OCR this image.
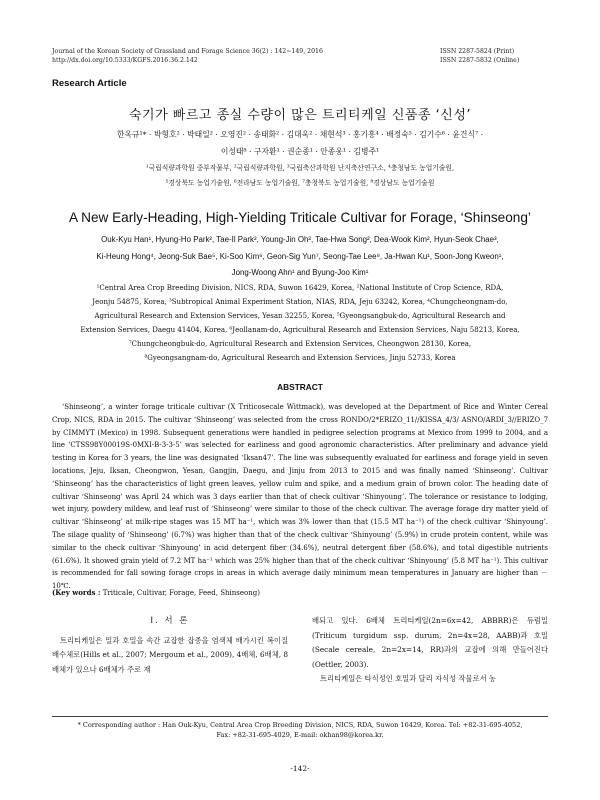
Journal of the Korean Society of Grassland and Forage Science 36(2) : 142~149, 2016
http://dx.doi.org/10.5333/KGFS.2016.36.2.142
ISSN 2287-5824 (Print)
ISSN 2287-5832 (Online)
Research Article
숙기가 빠르고 종실 수량이 많은 트리티케일 신품종 ‘신성’
한옥규¹* · 박형호² · 박태일² · 오영진² · 송태화² · 김대욱² · 채현석³ · 홍기흥⁴ · 배정숙⁵ · 김기수⁶ · 윤건식⁷ ·
이성태⁸ · 구자환¹ · 권순종¹ · 안종웅¹ · 김병주¹
¹국립식량과학원 중부작물부, ²국립식량과학원, ³국립축산과학원 난지축산연구소, ⁴충청남도 농업기술원,
⁵경상북도 농업기술원, ⁶전라남도 농업기술원, ⁷충청북도 농업기술원, ⁸경상남도 농업기술원
A New Early-Heading, High-Yielding Triticale Cultivar for Forage, ‘Shinseong’
Ouk-Kyu Han¹, Hyung-Ho Park², Tae-Il Park², Young-Jin Oh², Tae-Hwa Song², Dea-Wook Kim², Hyun-Seok Chae³,
Ki-Heung Hong⁴, Jeong-Suk Bae⁵, Ki-Soo Kim⁶, Geon-Sig Yun⁷, Seong-Tae Lee⁸, Ja-Hwan Ku¹, Soon-Jong Kweon¹,
Jong-Woong Ahn¹ and Byung-Joo Kim¹
¹Central Area Crop Breeding Division, NICS, RDA, Suwon 16429, Korea, ²National Institute of Crop Science, RDA,
Jeonju 54875, Korea, ³Subtropical Animal Experiment Station, NIAS, RDA, Jeju 63242, Korea, ⁴Chungcheongnam-do,
Agricultural Research and Extension Services, Yesan 32255, Korea, ⁵Gyeongsangbuk-do, Agricultural Research and
Extension Services, Daegu 41404, Korea, ⁶Jeollanam-do, Agricultural Research and Extension Services, Naju 58213, Korea,
⁷Chungcheongbuk-do, Agricultural Research and Extension Services, Cheongwon 28130, Korea,
⁸Gyeongsangnam-do, Agricultural Research and Extension Services, Jinju 52733, Korea
ABSTRACT
‘Shinseong’, a winter forage triticale cultivar (X Triticosecale Wittmack), was developed at the Department of Rice and Winter Cereal Crop, NICS, RDA in 2015. The cultivar ‘Shinseong’ was selected from the cross RONDO/2*ERIZO_11//KISSA_4/3/ ASNO/ARDI_3//ERIZO_7 by CIMMYT (Mexico) in 1998. Subsequent generations were handled in pedigree selection programs at Mexico from 1999 to 2004, and a line ‘CTSS98Y00019S-0MXI-B-3-3-5’ was selected for earliness and good agronomic characteristics. After preliminary and advance yield testing in Korea for 3 years, the line was designated ‘Iksan47’. The line was subsequently evaluated for earliness and forage yield in seven locations, Jeju, Iksan, Cheongwon, Yesan, Gangjin, Daegu, and Jinju from 2013 to 2015 and was finally named ‘Shinseong’. Cultivar ‘Shinseong’ has the characteristics of light green leaves, yellow culm and spike, and a medium grain of brown color. The heading date of cultivar ‘Shinseong’ was April 24 which was 3 days earlier than that of check cultivar ‘Shinyoung’. The tolerance or resistance to lodging, wet injury, powdery mildew, and leaf rust of ‘Shinseong’ were similar to those of the check cultivar. The average forage dry matter yield of cultivar ‘Shinseong’ at milk-ripe stages was 15 MT ha⁻¹, which was 3% lower than that (15.5 MT ha⁻¹) of the check cultivar ‘Shinyoung’. The silage quality of ‘Shinseong’ (6.7%) was higher than that of the check cultivar ‘Shinyoung’ (5.9%) in crude protein content, while was similar to the check cultivar ‘Shinyoung’ in acid detergent fiber (34.6%), neutral detergent fiber (58.6%), and total digestible nutrients (61.6%). It showed grain yield of 7.2 MT ha⁻¹ which was 25% higher than that of the check cultivar ‘Shinyoung’ (5.8 MT ha⁻¹). This cultivar is recommended for fall sowing forage crops in areas in which average daily minimum mean temperatures in January are higher than －10℃.
(Key words : Triticale, Cultivar, Forage, Feed, Shinseong)
Ⅰ. 서 론
트리티케일은 밀과 호밀을 속간 교잡한 잡종을 염색체 배가시킨 복이질배수체로(Hills et al., 2007; Mergoum et al., 2009), 4배체, 6배체, 8배체가 있으나 6배체가 주로 재
배되고 있다. 6배체 트리티케일(2n=6x=42, ABBRR)은 듀럼밀(Triticum turgidum ssp. durum, 2n=4x=28, AABB)과 호밀(Secale cereale, 2n=2x=14, RR)과의 교잡에 의해 만들어진다(Oettler, 2003).
트리티케일은 타식성인 호밀과 달리 자식성 작물로서 농
* Corresponding author : Han Ouk-Kyu, Central Area Crop Breeding Division, NICS, RDA, Suwon 16429, Korea. Tel: +82-31-695-4052,
Fax: +82-31-695-4029, E-mail: okhan98@korea.kr.
-142-
